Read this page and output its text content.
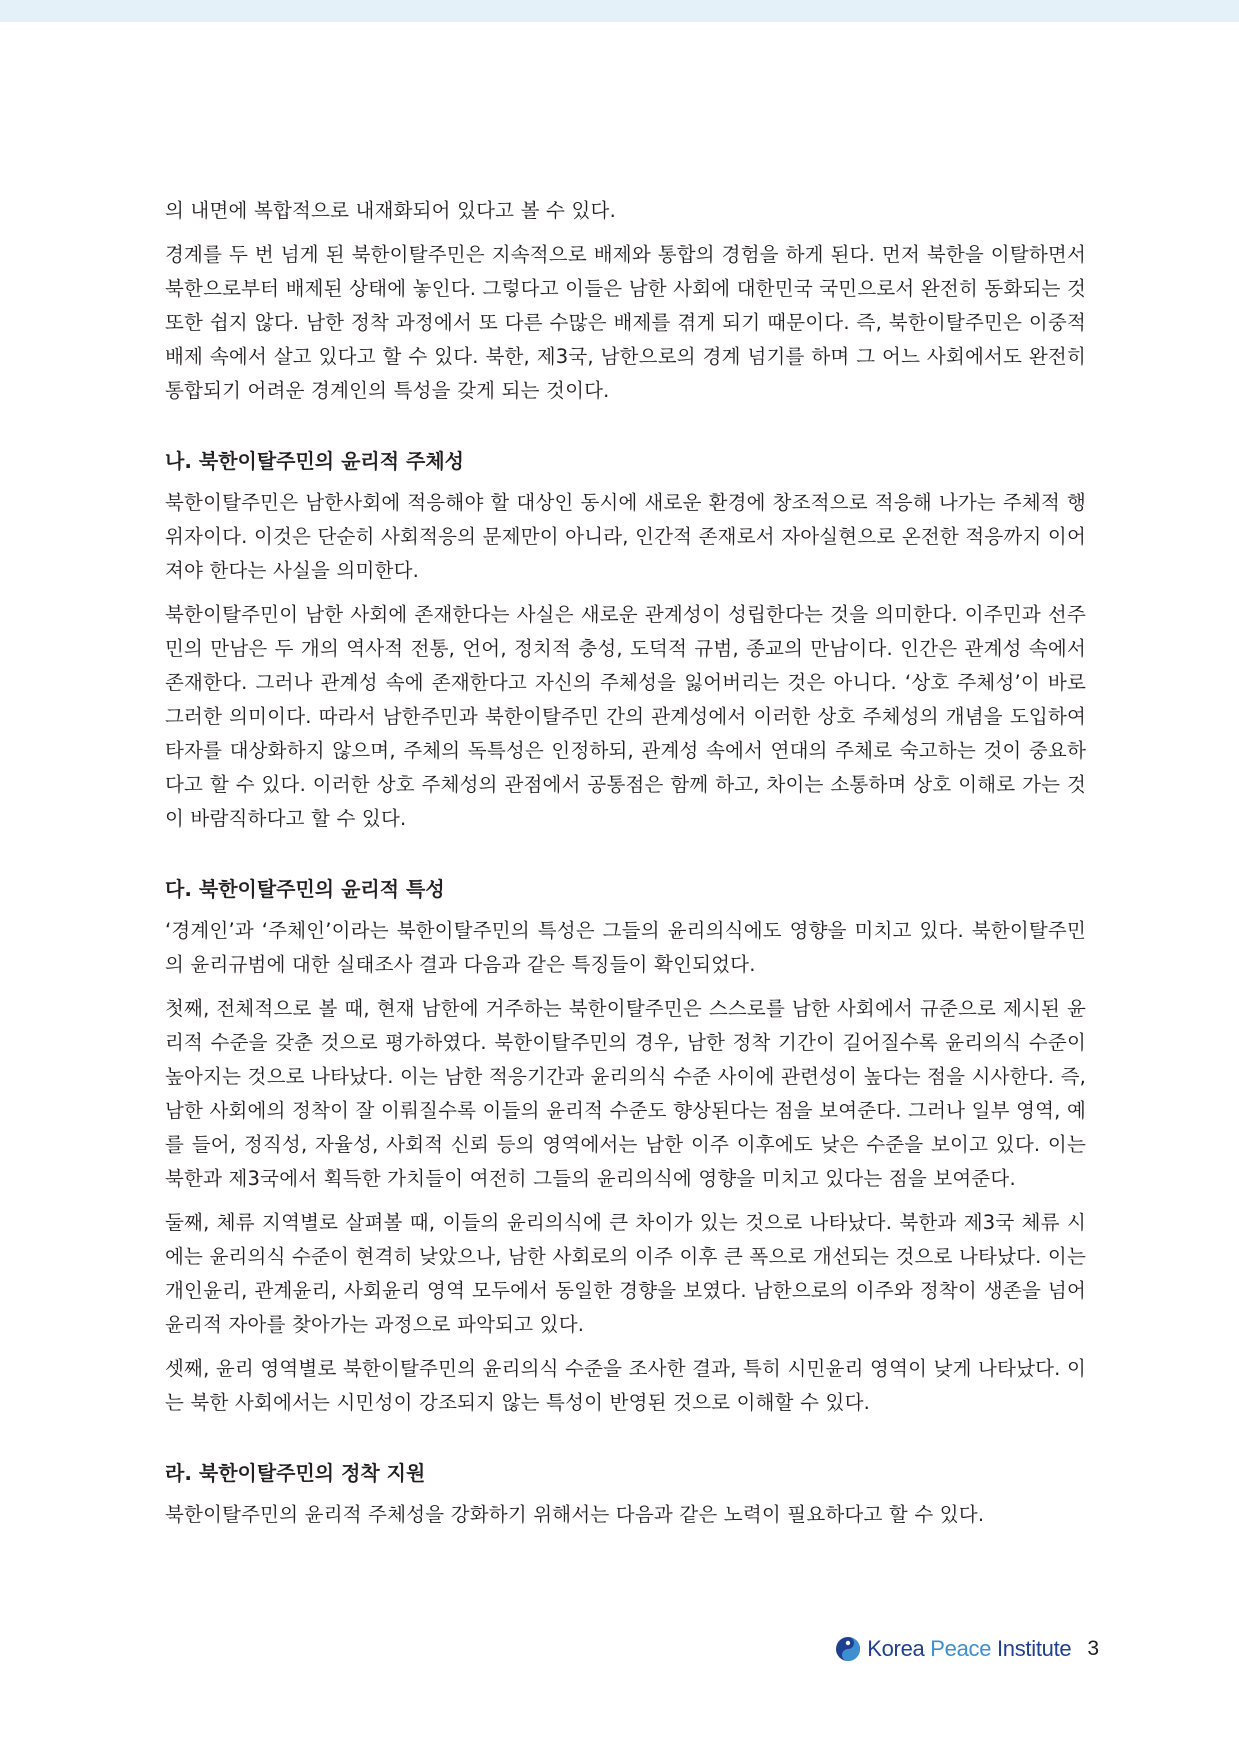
의 내면에 복합적으로 내재화되어 있다고 볼 수 있다.

경계를 두 번 넘게 된 북한이탈주민은 지속적으로 배제와 통합의 경험을 하게 된다. 먼저 북한을 이탈하면서 북한으로부터 배제된 상태에 놓인다. 그렇다고 이들은 남한 사회에 대한민국 국민으로서 완전히 동화되는 것 또한 쉽지 않다. 남한 정착 과정에서 또 다른 수많은 배제를 겪게 되기 때문이다. 즉, 북한이탈주민은 이중적 배제 속에서 살고 있다고 할 수 있다. 북한, 제3국, 남한으로의 경계 넘기를 하며 그 어느 사회에서도 완전히 통합되기 어려운 경계인의 특성을 갖게 되는 것이다.

나. 북한이탈주민의 윤리적 주체성

북한이탈주민은 남한사회에 적응해야 할 대상인 동시에 새로운 환경에 창조적으로 적응해 나가는 주체적 행위자이다. 이것은 단순히 사회적응의 문제만이 아니라, 인간적 존재로서 자아실현으로 온전한 적응까지 이어져야 한다는 사실을 의미한다.

북한이탈주민이 남한 사회에 존재한다는 사실은 새로운 관계성이 성립한다는 것을 의미한다. 이주민과 선주민의 만남은 두 개의 역사적 전통, 언어, 정치적 충성, 도덕적 규범, 종교의 만남이다. 인간은 관계성 속에서 존재한다. 그러나 관계성 속에 존재한다고 자신의 주체성을 잃어버리는 것은 아니다. ‘상호 주체성’이 바로 그러한 의미이다. 따라서 남한주민과 북한이탈주민 간의 관계성에서 이러한 상호 주체성의 개념을 도입하여 타자를 대상화하지 않으며, 주체의 독특성은 인정하되, 관계성 속에서 연대의 주체로 숙고하는 것이 중요하다고 할 수 있다. 이러한 상호 주체성의 관점에서 공통점은 함께 하고, 차이는 소통하며 상호 이해로 가는 것이 바람직하다고 할 수 있다.

다. 북한이탈주민의 윤리적 특성

‘경계인’과 ‘주체인’이라는 북한이탈주민의 특성은 그들의 윤리의식에도 영향을 미치고 있다. 북한이탈주민의 윤리규범에 대한 실태조사 결과 다음과 같은 특징들이 확인되었다.

첫째, 전체적으로 볼 때, 현재 남한에 거주하는 북한이탈주민은 스스로를 남한 사회에서 규준으로 제시된 윤리적 수준을 갖춘 것으로 평가하였다. 북한이탈주민의 경우, 남한 정착 기간이 길어질수록 윤리의식 수준이 높아지는 것으로 나타났다. 이는 남한 적응기간과 윤리의식 수준 사이에 관련성이 높다는 점을 시사한다. 즉, 남한 사회에의 정착이 잘 이뤄질수록 이들의 윤리적 수준도 향상된다는 점을 보여준다. 그러나 일부 영역, 예를 들어, 정직성, 자율성, 사회적 신뢰 등의 영역에서는 남한 이주 이후에도 낮은 수준을 보이고 있다. 이는 북한과 제3국에서 획득한 가치들이 여전히 그들의 윤리의식에 영향을 미치고 있다는 점을 보여준다.

둘째, 체류 지역별로 살펴볼 때, 이들의 윤리의식에 큰 차이가 있는 것으로 나타났다. 북한과 제3국 체류 시에는 윤리의식 수준이 현격히 낮았으나, 남한 사회로의 이주 이후 큰 폭으로 개선되는 것으로 나타났다. 이는 개인윤리, 관계윤리, 사회윤리 영역 모두에서 동일한 경향을 보였다. 남한으로의 이주와 정착이 생존을 넘어 윤리적 자아를 찾아가는 과정으로 파악되고 있다.

셋째, 윤리 영역별로 북한이탈주민의 윤리의식 수준을 조사한 결과, 특히 시민윤리 영역이 낮게 나타났다. 이는 북한 사회에서는 시민성이 강조되지 않는 특성이 반영된 것으로 이해할 수 있다.

라. 북한이탈주민의 정착 지원

북한이탈주민의 윤리적 주체성을 강화하기 위해서는 다음과 같은 노력이 필요하다고 할 수 있다.

Korea Peace Institute 3
